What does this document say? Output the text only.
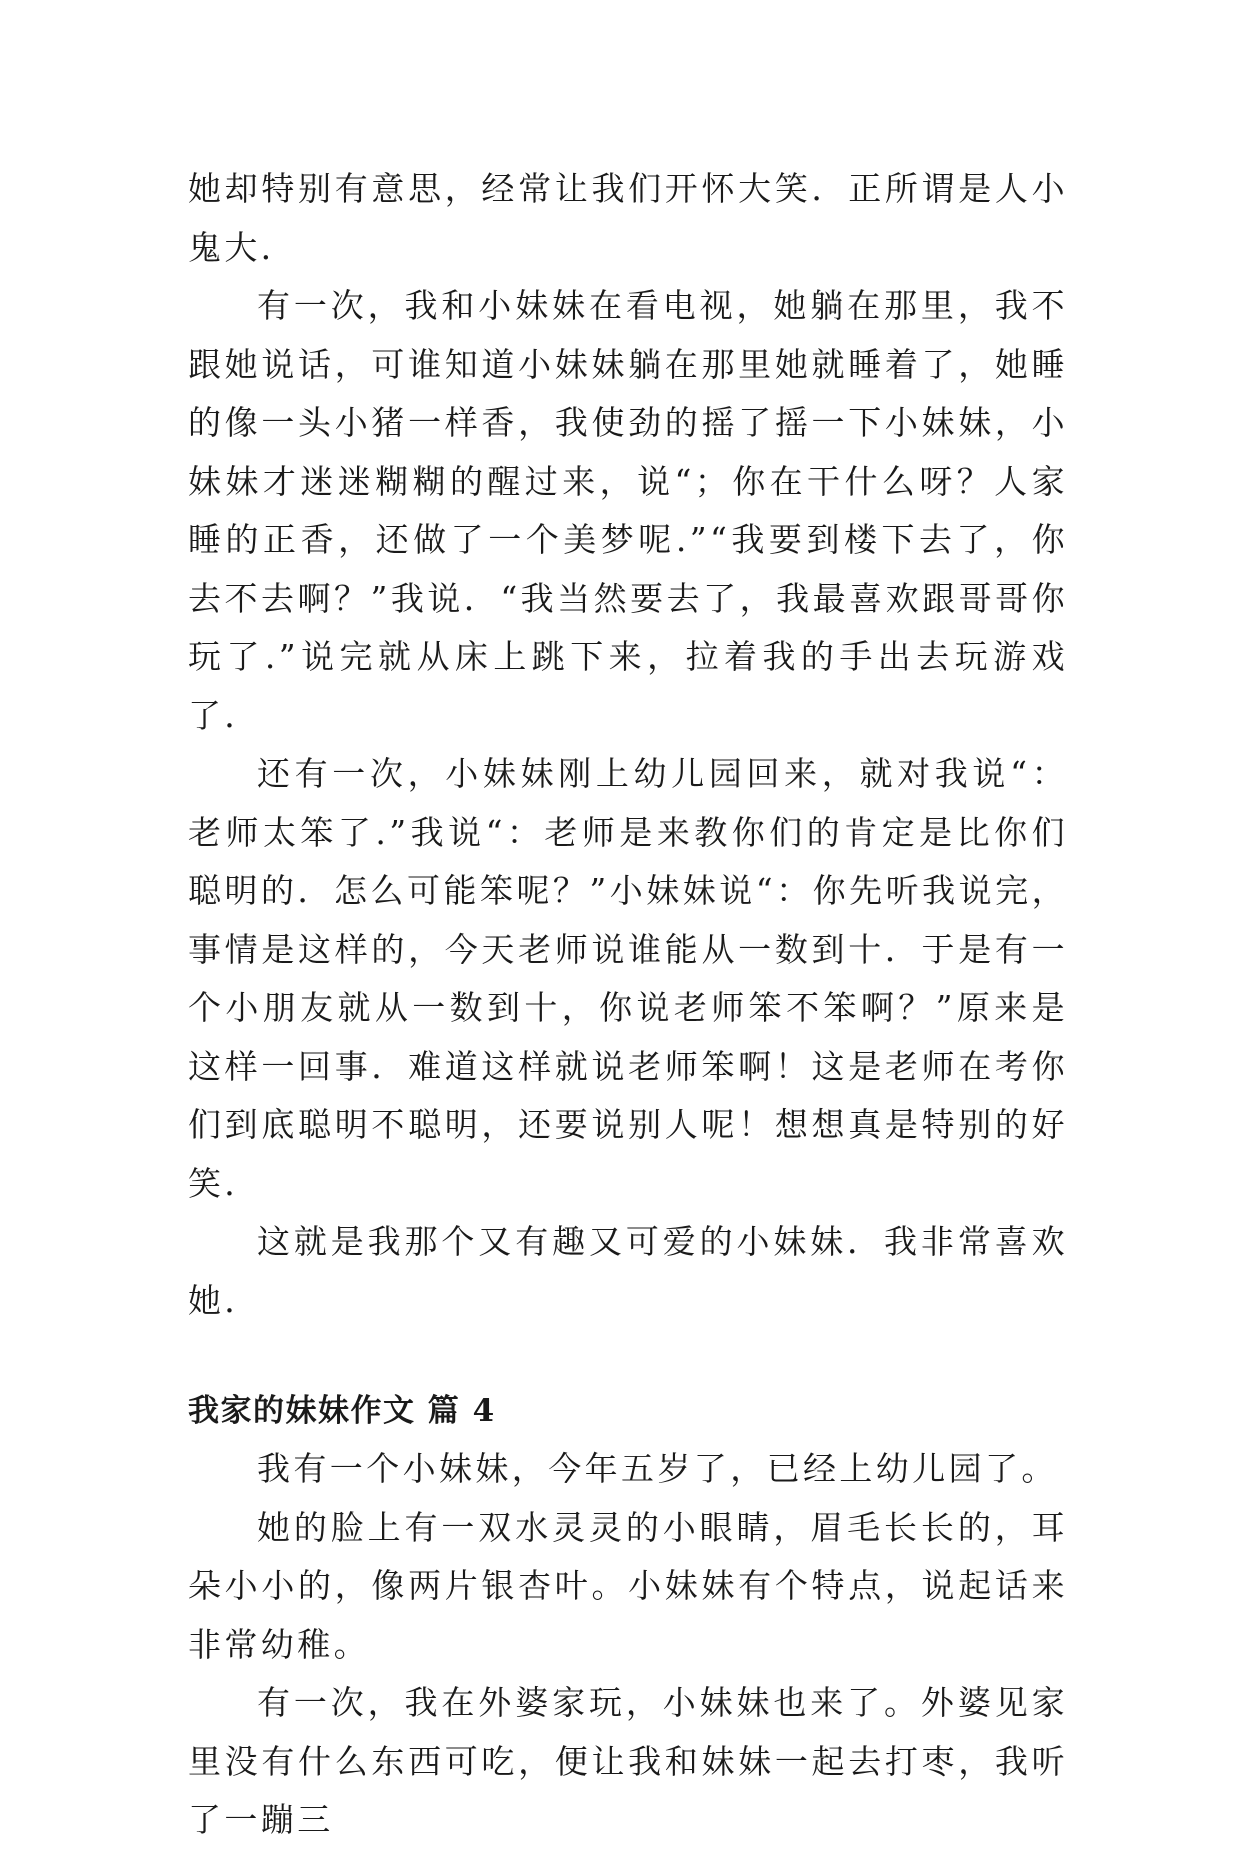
她却特别有意思，经常让我们开怀大笑．正所谓是人小鬼大．

有一次，我和小妹妹在看电视，她躺在那里，我不跟她说话，可谁知道小妹妹躺在那里她就睡着了，她睡的像一头小猪一样香，我使劲的摇了摇一下小妹妹，小妹妹才迷迷糊糊的醒过来，说“；你在干什么呀？人家睡的正香，还做了一个美梦呢.”“我要到楼下去了，你去不去啊？”我说．“我当然要去了，我最喜欢跟哥哥你玩了.”说完就从床上跳下来，拉着我的手出去玩游戏了．

还有一次，小妹妹刚上幼儿园回来，就对我说“：老师太笨了.”我说“：老师是来教你们的肯定是比你们聪明的．怎么可能笨呢？”小妹妹说“：你先听我说完，事情是这样的，今天老师说谁能从一数到十．于是有一个小朋友就从一数到十，你说老师笨不笨啊？”原来是这样一回事．难道这样就说老师笨啊！这是老师在考你们到底聪明不聪明，还要说别人呢！想想真是特别的好笑．

这就是我那个又有趣又可爱的小妹妹．我非常喜欢她．

我家的妹妹作文 篇 4

我有一个小妹妹，今年五岁了，已经上幼儿园了。

她的脸上有一双水灵灵的小眼睛，眉毛长长的，耳朵小小的，像两片银杏叶。小妹妹有个特点，说起话来非常幼稚。

有一次，我在外婆家玩，小妹妹也来了。外婆见家里没有什么东西可吃，便让我和妹妹一起去打枣，我听了一蹦三
